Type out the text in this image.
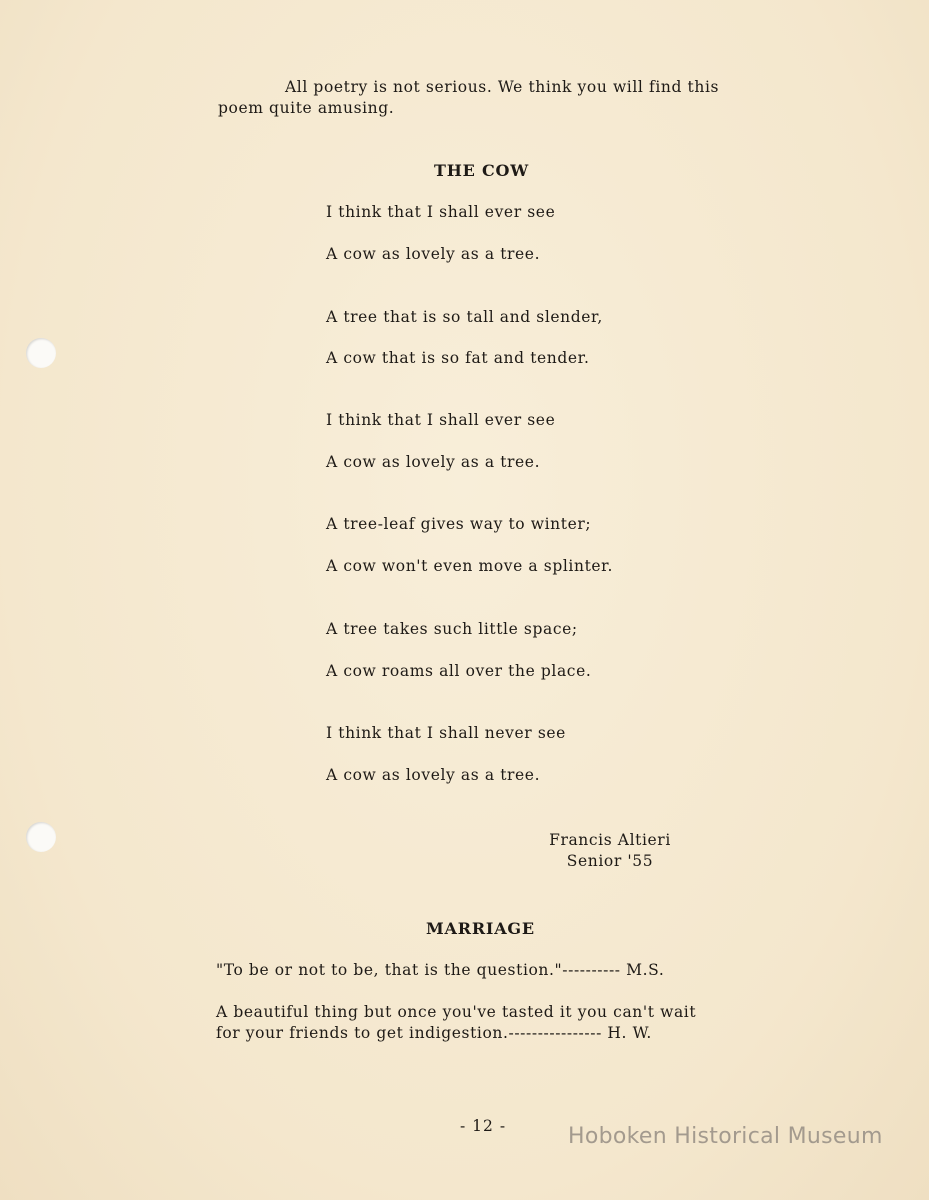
All poetry is not serious. We think you will find this
poem quite amusing.
THE COW
I think that I shall ever see
A cow as lovely as a tree.
A tree that is so tall and slender,
A cow that is so fat and tender.
I think that I shall ever see
A cow as lovely as a tree.
A tree-leaf gives way to winter;
A cow won't even move a splinter.
A tree takes such little space;
A cow roams all over the place.
I think that I shall never see
A cow as lovely as a tree.
Francis Altieri
Senior '55
MARRIAGE
"To be or not to be, that is the question."---------- M.S.
A beautiful thing but once you've tasted it you can't wait
for your friends to get indigestion.---------------- H. W.
- 12 -	Hoboken Historical Museum
